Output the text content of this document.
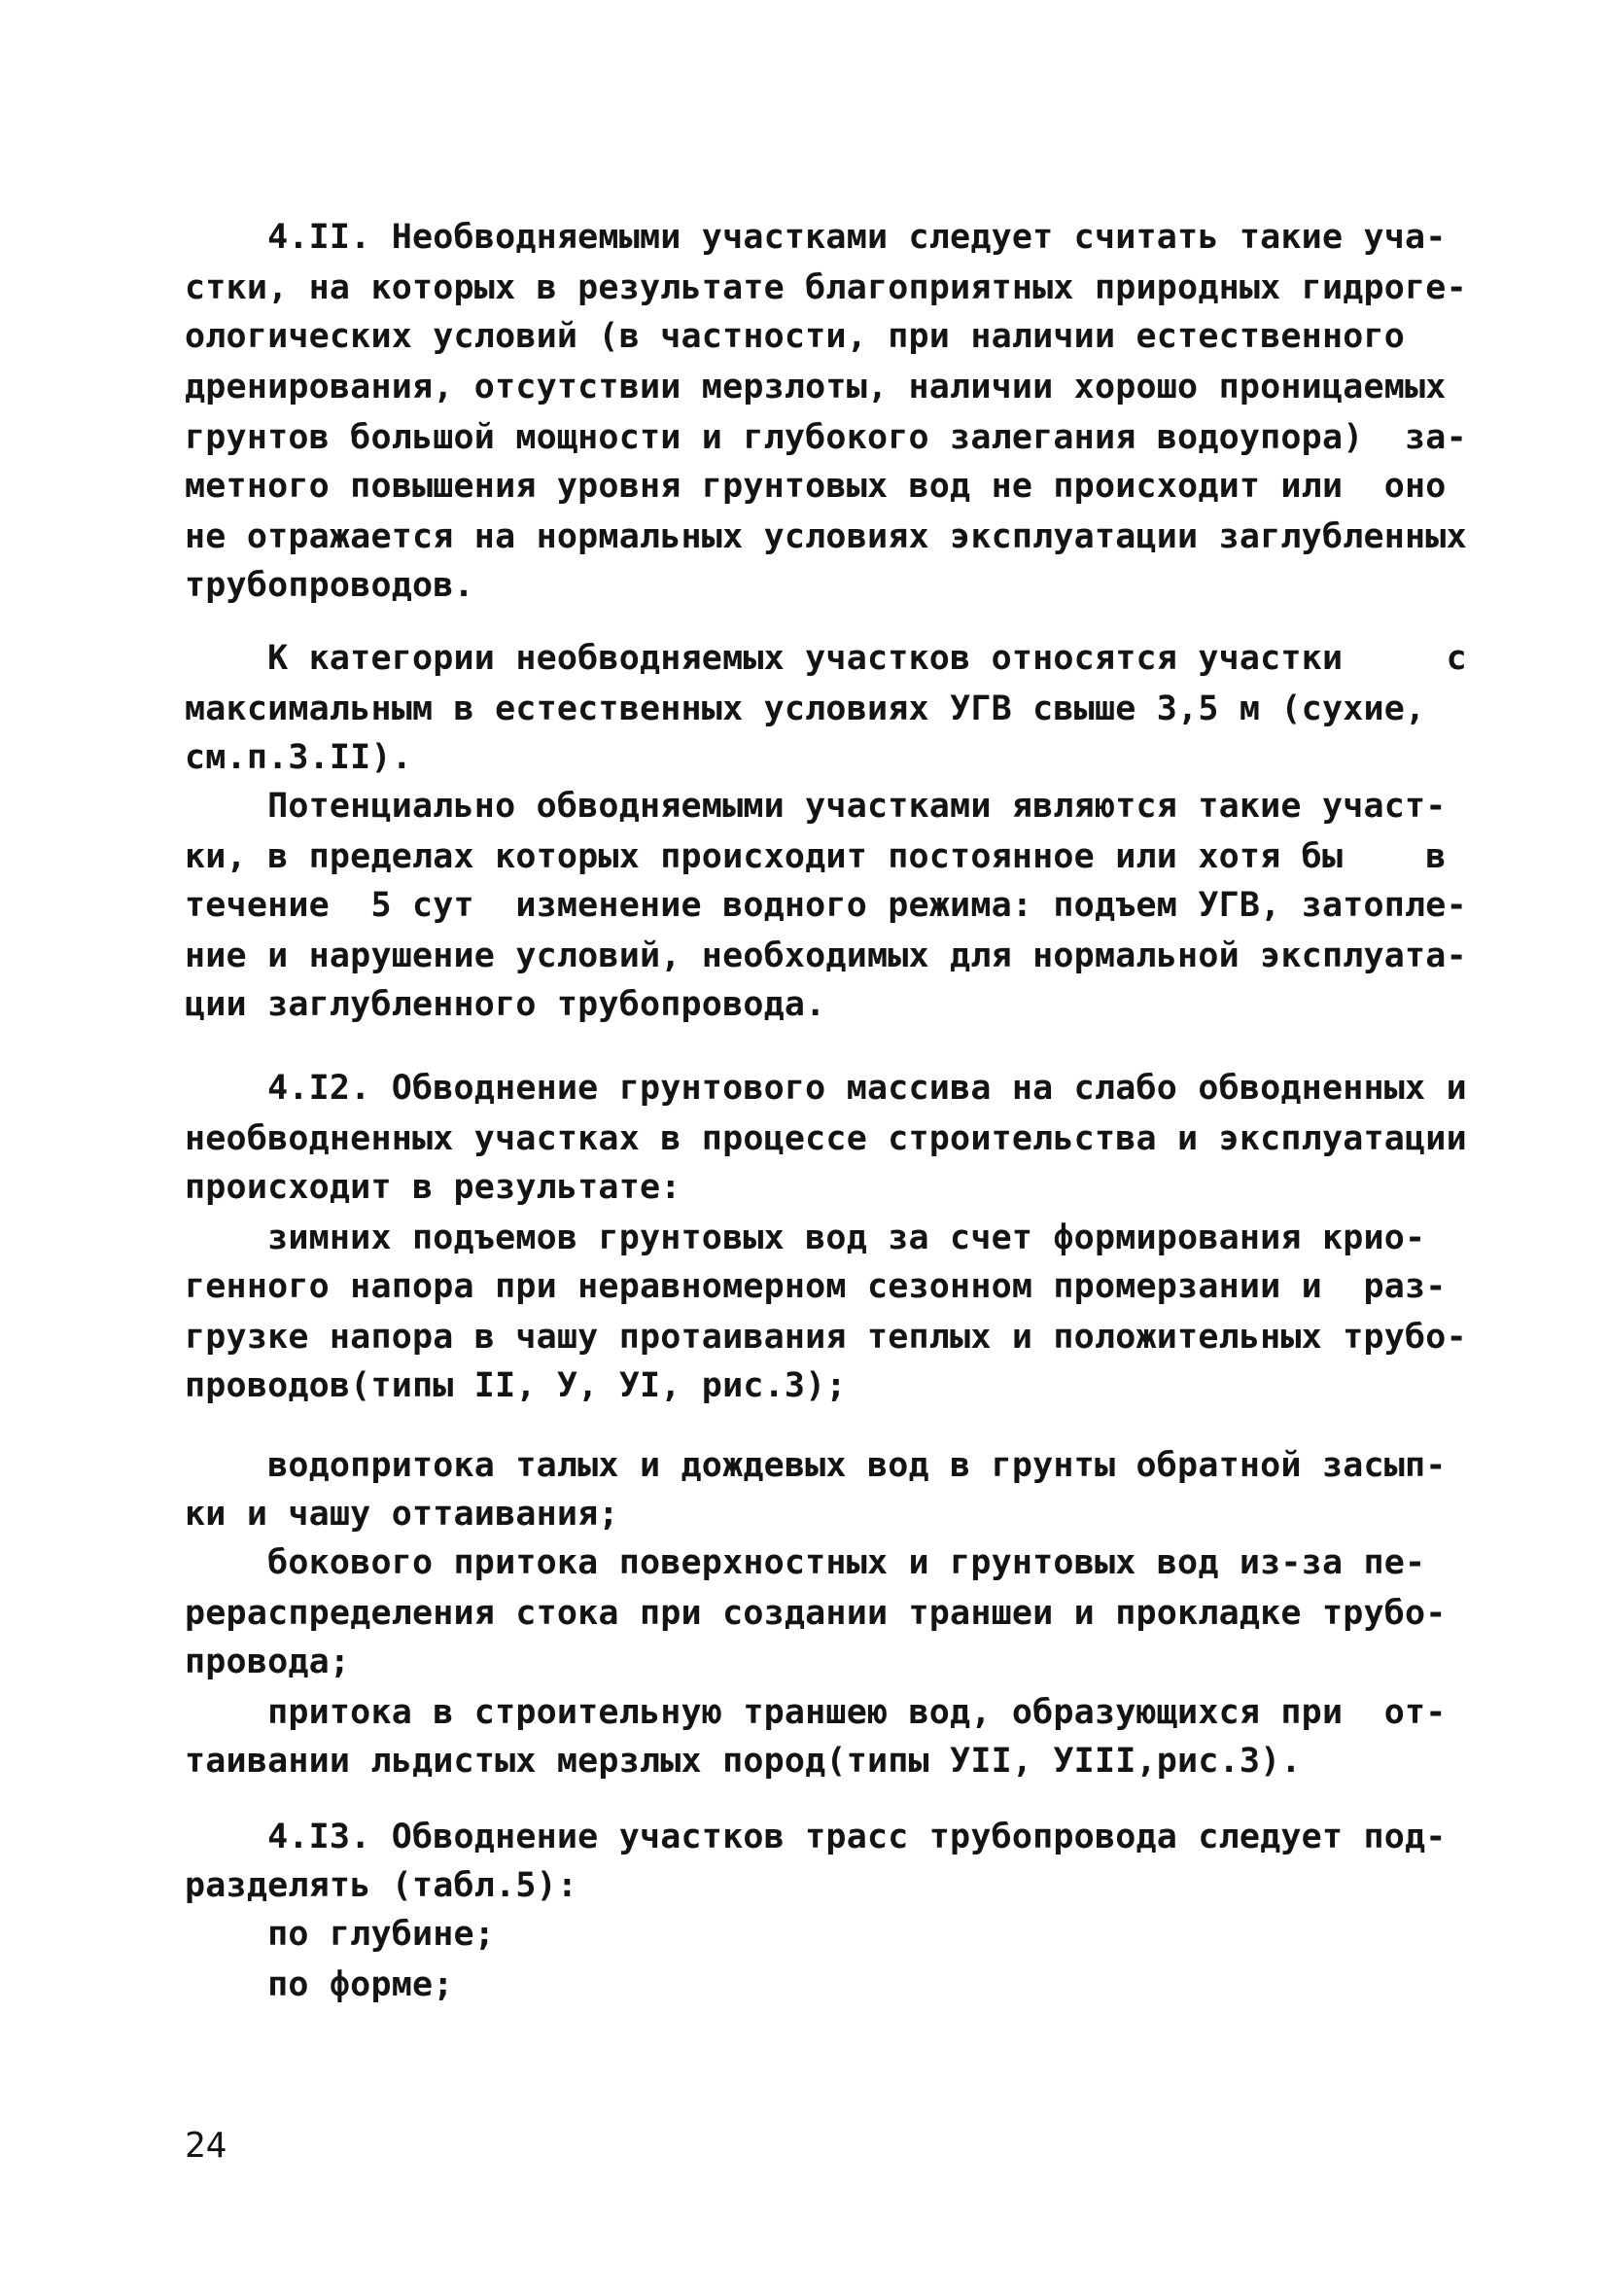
4.II. Необводняемыми участками следует считать такие уча-
стки, на которых в результате благоприятных природных гидроге-
ологических условий (в частности, при наличии естественного
дренирования, отсутствии мерзлоты, наличии хорошо проницаемых
грунтов большой мощности и глубокого залегания водоупора)  за-
метного повышения уровня грунтовых вод не происходит или  оно
не отражается на нормальных условиях эксплуатации заглубленных
трубопроводов.
К категории необводняемых участков относятся участки     с
максимальным в естественных условиях УГВ свыше 3,5 м (сухие,
см.п.3.II).
Потенциально обводняемыми участками являются такие участ-
ки, в пределах которых происходит постоянное или хотя бы    в
течение  5 сут  изменение водного режима: подъем УГВ, затопле-
ние и нарушение условий, необходимых для нормальной эксплуата-
ции заглубленного трубопровода.
4.I2. Обводнение грунтового массива на слабо обводненных и
необводненных участках в процессе строительства и эксплуатации
происходит в результате:
зимних подъемов грунтовых вод за счет формирования крио-
генного напора при неравномерном сезонном промерзании и  раз-
грузке напора в чашу протаивания теплых и положительных трубо-
проводов(типы II, У, УI, рис.3);
водопритока талых и дождевых вод в грунты обратной засып-
ки и чашу оттаивания;
бокового притока поверхностных и грунтовых вод из-за пе-
рераспределения стока при создании траншеи и прокладке трубо-
провода;
притока в строительную траншею вод, образующихся при  от-
таивании льдистых мерзлых пород(типы УII, УIII,рис.3).
4.I3. Обводнение участков трасс трубопровода следует под-
разделять (табл.5):
по глубине;
по форме;
24
